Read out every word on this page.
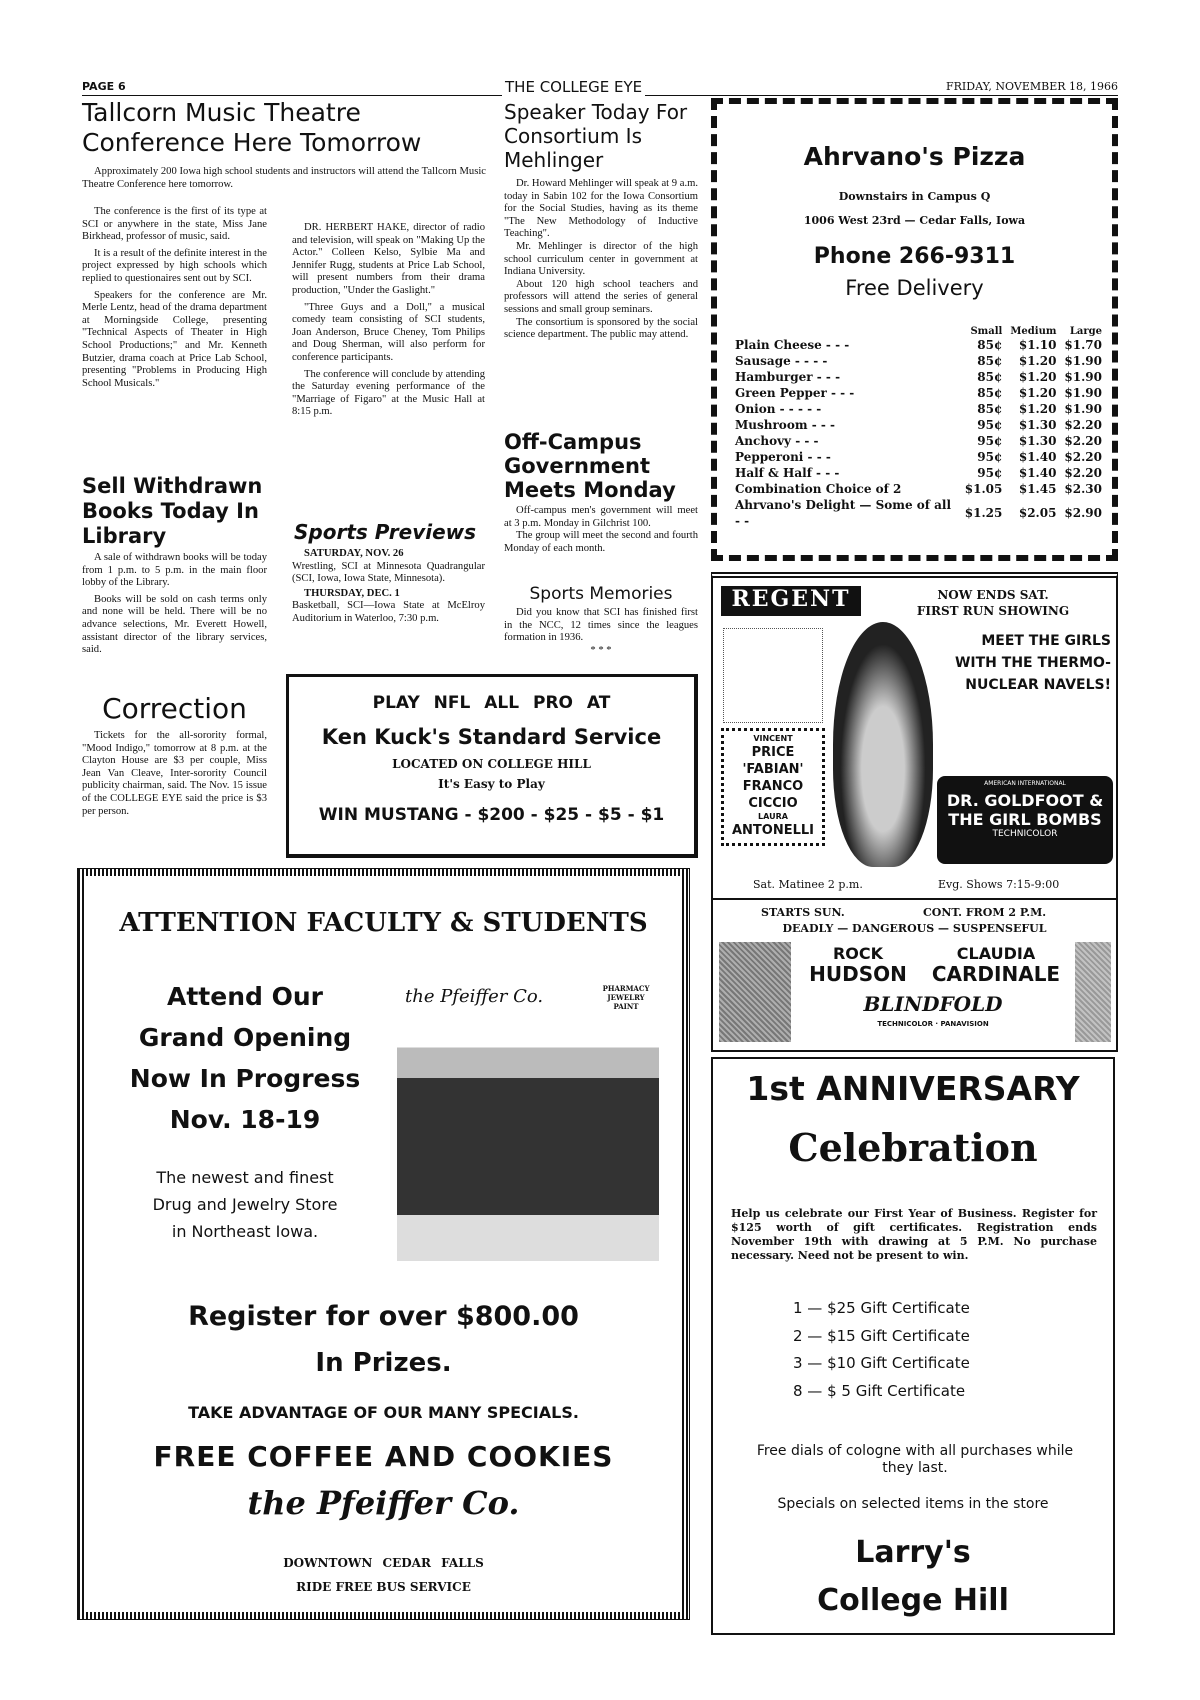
PAGE 6	THE COLLEGE EYE	FRIDAY, NOVEMBER 18, 1966
Tallcorn Music Theatre Conference Here Tomorrow

Approximately 200 Iowa high school students and instructors will attend the Tallcorn Music Theatre Conference here tomorrow.

The conference is the first of its type at SCI or anywhere in the state, Miss Jane Birkhead, professor of music, said.

It is a result of the definite interest in the project expressed by high schools which replied to questionaires sent out by SCI.

Speakers for the conference are Mr. Merle Lentz, head of the drama department at Morningside College, presenting "Technical Aspects of Theater in High School Productions;" and Mr. Kenneth Butzier, drama coach at Price Lab School, presenting "Problems in Producing High School Musicals."

DR. HERBERT HAKE, director of radio and television, will speak on "Making Up the Actor." Colleen Kelso, Sylbie Ma and Jennifer Rugg, students at Price Lab School, will present numbers from their drama production, "Under the Gaslight."

"Three Guys and a Doll," a musical comedy team consisting of SCI students, Joan Anderson, Bruce Cheney, Tom Philips and Doug Sherman, will also perform for conference participants.

The conference will conclude by attending the Saturday evening performance of the "Marriage of Figaro" at the Music Hall at 8:15 p.m.

Sell Withdrawn Books Today In Library

A sale of withdrawn books will be today from 1 p.m. to 5 p.m. in the main floor lobby of the Library.

Books will be sold on cash terms only and none will be held. There will be no advance selections, Mr. Everett Howell, assistant director of the library services, said.

Correction

Tickets for the all-sorority formal, "Mood Indigo," tomorrow at 8 p.m. at the Clayton House are $3 per couple, Miss Jean Van Cleave, Inter-sorority Council publicity chairman, said. The Nov. 15 issue of the COLLEGE EYE said the price is $3 per person.

Sports Previews
SATURDAY, NOV. 26
Wrestling, SCI at Minnesota Quadrangular (SCI, Iowa, Iowa State, Minnesota).
THURSDAY, DEC. 1
Basketball, SCI—Iowa State at McElroy Auditorium in Waterloo, 7:30 p.m.
Speaker Today For Consortium Is Mehlinger

Dr. Howard Mehlinger will speak at 9 a.m. today in Sabin 102 for the Iowa Consortium for the Social Studies, having as its theme "The New Methodology of Inductive Teaching".

Mr. Mehlinger is director of the high school curriculum center in government at Indiana University.

About 120 high school teachers and professors will attend the series of general sessions and small group seminars.

The consortium is sponsored by the social science department. The public may attend.

Off-Campus Government Meets Monday

Off-campus men's government will meet at 3 p.m. Monday in Gilchrist 100.

The group will meet the second and fourth Monday of each month.

Sports Memories

Did you know that SCI has finished first in the NCC, 12 times since the leagues formation in 1936.

* * *
PLAY NFL ALL PRO AT
Ken Kuck's Standard Service
LOCATED ON COLLEGE HILL
It's Easy to Play
WIN MUSTANG - $200 - $25 - $5 - $1
ATTENTION FACULTY & STUDENTS
Attend Our
Grand Opening
Now In Progress
Nov. 18-19
The newest and finest
Drug and Jewelry Store
in Northeast Iowa.
the Pfeiffer Co.	PHARMACY JEWELRY PAINT
Register for over $800.00
In Prizes.
TAKE ADVANTAGE OF OUR MANY SPECIALS.
FREE COFFEE AND COOKIES
the Pfeiffer Co.
DOWNTOWN CEDAR FALLS
RIDE FREE BUS SERVICE
Ahrvano's Pizza
Downstairs in Campus Q
1006 West 23rd — Cedar Falls, Iowa
Phone 266-9311
Free Delivery
	Small	Medium	Large
Plain Cheese - - -	85¢	$1.10	$1.70
Sausage - - - -	85¢	$1.20	$1.90
Hamburger - - -	85¢	$1.20	$1.90
Green Pepper - - -	85¢	$1.20	$1.90
Onion - - - - -	85¢	$1.20	$1.90
Mushroom - - -	95¢	$1.30	$2.20
Anchovy - - -	95¢	$1.30	$2.20
Pepperoni - - -	95¢	$1.40	$2.20
Half & Half - - -	95¢	$1.40	$2.20
Combination Choice of 2	$1.05	$1.45	$2.30
Ahrvano's Delight — Some of all - -	$1.25	$2.05	$2.90
REGENT	NOW ENDS SAT.
FIRST RUN SHOWING
MEET THE GIRLS WITH THE THERMO-NUCLEAR NAVELS!
VINCENT
PRICE
'FABIAN'
FRANCO
CICCIO
LAURA
ANTONELLI
AMERICAN INTERNATIONAL
DR. GOLDFOOT &
THE GIRL BOMBS
TECHNICOLOR
Sat. Matinee 2 p.m.	Evg. Shows 7:15-9:00
STARTS SUN.	CONT. FROM 2 P.M.
DEADLY — DANGEROUS — SUSPENSEFUL
ROCK
HUDSON
CLAUDIA
CARDINALE
BLINDFOLD
TECHNICOLOR · PANAVISION
1st ANNIVERSARY
Celebration
Help us celebrate our First Year of Business. Register for $125 worth of gift certificates. Registration ends November 19th with drawing at 5 P.M. No purchase necessary. Need not be present to win.
1 — $25 Gift Certificate
2 — $15 Gift Certificate
3 — $10 Gift Certificate
8 — $ 5 Gift Certificate
Free dials of cologne with all purchases while they last.
Specials on selected items in the store
Larry's
College Hill
